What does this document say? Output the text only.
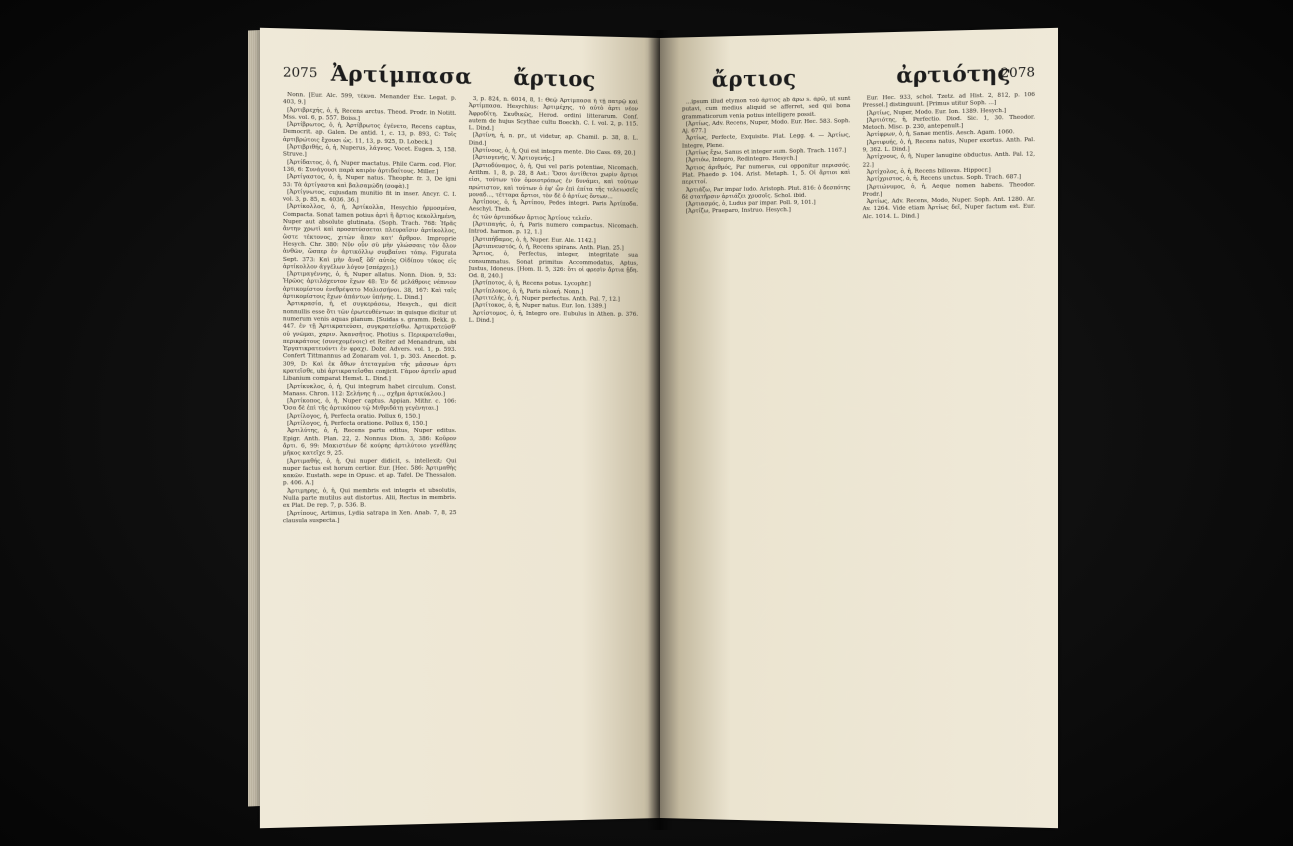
2075 Ἀρτίμπασα ἄρτιος

Nonn. [Eur. Alc. 599, τέκνα. Menander Exc. Legat. p. 403, 9.]

[Ἀρτιβρεχής, ὁ, ἡ, Recens arctus. Theod. Prodr. in Notitt. Mss. vol. 6, p. 557. Boiss.]

[Ἀρτίβρωτος, ὁ, ἡ, Ἀρτίβρωτος ἐγένετο, Recens captus, Democrit. ap. Galen. De antid. 1, c. 13, p. 893, C: Τοῖς ἀρτιβρώτοις ἔχουσι ὡς. 11, 13, p. 925, D. Lobeck.]

[Ἀρτιβριθής, ὁ, ἡ, Nuperus, λάγνος. Vocet. Eugen. 3, 158. Struve.]

[Ἀρτίδαιτος, ὁ, ἡ, Nuper mactatus. Phile Carm. cod. Flor. 136, 6: Συνάγουσι παρὰ καιρὸν ἀρτιδαίτους. Miller.]

[Ἀρτίγαστος, ὁ, ἡ, Nuper natus. Theophr. fr. 3, De igni 53: Τὰ ἀρτίγαστα καὶ βαλσαμώδη (σοφὰ).]

[Ἀρτίγνωτος, cujusdam munitio fit in inser. Ancyr. C. I. vol. 3, p. 85, n. 4036. 36.]

[Ἀρτίκολλος, ὁ, ἡ, Ἀρτίκολλα, Hesychio ἡρμοσμένα, Compacta. Sonat tamen potius ἀρτὶ ἢ ἄρτιος κεκολλημένη, Nuper aut absolute glutinata. (Soph. Trach. 768: Ἠρᾶς ἄντην χρωτὶ καὶ προσπτύσσεται πλευραῖσιν ἀρτίκολλος, ὥστε τέκτονος, χιτὼν ἅπαν κατ' ἄρθρον. Improprie Hesych. Chr. 380: Νῦν οὖν σὺ μὴν γλώσσαις τὸν ὅλον ἀνθῶν, ὥσπερ ἐν ἀρτικόλλῳ συμβαίνει τόπῳ. Figurata Sept. 373: Καὶ μὴν ἄναξ ὅδ' αὐτὸς Οἰδίπου τόκος εἰς ἀρτίκολλον ἀγγέλων λόγον [σπέρχει].)

[Ἀρτιμαγέννης, ὁ, ἡ, Nuper allatus. Nonn. Dion. 9, 53: Ἠρῶος ἀρτιλόχευτον ἔχων 48: Ἐν δὲ μελάθροις νέπνιον ἀρτικομίστου ἐνεθρέψατο Μαλισσήνοι. 38, 167: Καὶ ταῖς ἀρτικομίστοις ἔχων ἀπάντων ὑπήνης. L. Dind.]

Ἀρτικρασία, ἡ, et συγκεράσεω, Hesych., qui dicit nonnullis esse ὅτι τῶν ἐρωτευθέντων: in quisque dicitur ut numerum venis aquas planum. [Suidas s. gramm. Bekk. p. 447. ἐν τῇ Ἀρτικρατεύσει, συγκρατείσθω. Ἀρτικρατεύσθ' οὐ γνῶμαι, χαριν. Ἀκανσῆτος. Photius s. Περικρατεῖσθαι, περικράτους (συνεχομένοις) et Reiter ad Menandrum, ubi Ἐργατικρατευόντι ἐν φραχι. Dobr. Advers. vol. 1, p. 593. Confert Tittmannus ad Zonaram vol. 1, p. 303. Anecdot. p. 309, D: Καὶ ἐκ ἄθων ἀτεταγμένα τῆς μᾶσσων ἀρτι κρατεῖσθε, ubi ἀρτικρατεῖσθαι conjicit. Γὰμον ἀρτεῖν apud Libanium comparat Hemst. L. Dind.]

[Ἀρτίκυκλος, ὁ, ἡ, Qui integrum habet circulum. Const. Manass. Chron. 112: Σελήνης ἡ ..., σχῆμα ἀρτικύκλου.]

[Ἀρτίκοπος, ὁ, ἡ, Nuper captus. Appian. Mithr. c. 106: Ὅσα δὲ ἐπὶ τῆς ἀρτικόπου τῷ Μιθριδάτῃ γεγένηται.]

[Ἀρτίλογος, ἡ, Perfecta oratio. Pollux 6, 150.]

[Ἀρτίλογος, ἡ, Perfecta oratione. Pollux 6, 150.]

Ἀρτιλύτης, ὁ, ἡ, Recens partu editus, Nuper editus. Epigr. Anth. Plan. 22, 2. Nonnus Dion. 3, 386: Κοῦρον ἄρτι. 6, 99: Μακιστέων δὲ κούρης ἀρτιλύτοιο γενέθλης μῆκος κατεῖχε 9, 25.

[Ἀρτιμαθής, ὁ, ἡ, Qui nuper didicit, s. intellexit; Qui nuper factus est horum certior. Eur. [Hec. 586: Ἀρτιμαθὴς κακῶν. Eustath. sepe in Opusc. et ap. Tafel. De Thessalon. p. 406. A.]

Ἀρτιμηρης, ὁ, ἡ, Qui membris est integris et ubsolutis, Nulla parte mutilus aut distortus. Alii, Rectus in membris. ex Plat. De rep. 7, p. 536. B.

[Ἀρτίπους, Artimus, Lydia satrapa in Xen. Anab. 7, 8, 25 clausula suspecta.]

3, p. 824, n. 6014, 8, 1: Θεῷ Ἀρτίμπασα ἡ τῇ πατρῷ καὶ Ἀρτίμπασα. Hesychius: Ἀρτιμέχης, τὸ αὐτὸ ἀρτι νέον Ἀφροδίτη. Σκυθικῶς, Herod. ordini litterarum. Conf. autem de hujus Scythae cultu Boeckh. C. I. vol. 2, p. 115. L. Dind.]

[Ἀρτίνη, ἡ, n. pr., ut videtur, ap. Chamil. p. 38, 8. L. Dind.]

[Ἀρτίνους, ὁ, ἡ, Qui est integra mente. Dio Cass. 69, 20.]

[Ἀρτιογενής, V. Ἀρτιογενής.]

[Ἀρτιοδύναμος, ὁ, ἡ, Qui vel paris potentiae, Nicomach. Arithm. 1, 8, p. 28, 8 Ast.: Ὅσοι ἀντίθετοι χωρὶν ἄρτιοι εἰσι, τούτων τὸν ὁμοιοτρόπως ἐν δυνάμει, καὶ τούτων πρώτιστον, καὶ τούτων ὁ ἐφ' ὧν ἐπὶ ἐπίτα τῆς τελειωσεῖς μοναδ..., τέτταρα ἄρτιοι, τὸν δὲ ὁ ἀρτίως ὄντων...

Ἀρτίπους, ὁ, ἡ, Ἀρτίπου, Pedes integri. Paris Ἀρτίποδα. Aeschyl. Theb.

ἐς τῶν ἀρτιπόδων ἄρτιος Ἀρτίους τελεῖν.

[Ἀρτιπαγής, ὁ, ἡ, Paris numero compactus. Nicomach. Introd. harmon. p. 12, 1.]

[Ἀρτιπήδαμος, ὁ, ἡ, Nuper. Eur. Ale. 1142.]

[Ἀρτιπνευστός, ὁ, ἡ, Recens spirans. Anth. Plan. 25.]

Ἄρτιος, ὁ, Perfectus, integer, integritate sua consummatus. Sonat primitus Accommodatus, Aptus, Justus, Idoneus. [Hom. Il. 5, 326: ὅτι οἱ φρεσὶν ἄρτια ᾔδη. Od. 8, 240.]

[Ἀρτίποτος, ὁ, ἡ, Recens potus. Lycophr.]

[Ἀρτίπλοκος, ὁ, ἡ, Paris πλοκή. Nonn.]

[Ἀρτιτελής, ὁ, ἡ, Nuper perfectus. Anth. Pal. 7, 12.]

[Ἀρτίτοκος, ὁ, ἡ, Nuper natus. Eur. Ion. 1389.]

Ἀρτίστομος, ὁ, ἡ, Integro ore. Eubulus in Athen. p. 376. L. Dind.]

ἄρτιος	ἀρτιότης
2078

...ipsum illud etymon τοῦ ἄρτιος ab ἄρω s. ἀρῶ, ut sunt putavi, cum medius aliquid se afferret, sed qui bona grammaticorum venia potius intelligere possit.

[Ἀρτίως, Adv. Recens, Nuper, Modo. Eur. Hec. 583. Soph. Aj. 677.]

Ἀρτίως, Perfecte, Exquisite. Plat. Legg. 4. — Ἀρτίως, Integre, Plene.

[Ἀρτίως ἔχω, Sanus et integer sum. Soph. Trach. 1167.]

[Ἀρτιόω, Integro, Redintegro. Hesych.]

Ἄρτιος ἀριθμός, Par numerus, cui opponitur περισσός. Plat. Phaedo p. 104. Arist. Metaph. 1, 5. Οἱ ἄρτιοι καὶ περιττοί.

Ἀρτιάζω, Par impar ludo. Aristoph. Plut. 816: ὁ δεσπότης δὲ στατῆρσιν ἀρτιάζει χρυσοῖς. Schol. ibid.

[Ἀρτιασμός, ὁ, Ludus par impar. Poll. 9, 101.]

[Ἀρτίζω, Praeparo, Instruo. Hesych.]

Eur. Hec. 933, schol. Tzetz. ad Hist. 2, 812, p. 106 Pressel.] distinguunt. [Primus utitur Soph. ...]

[Ἀρτίως, Nuper, Modo. Eur. Ion. 1389. Hesych.]

[Ἀρτιότης, ἡ, Perfectio. Diod. Sic. 1, 30. Theodor. Metoch. Misc. p. 230, antepenult.]

Ἀρτίφρων, ὁ, ἡ, Sanae mentis. Aesch. Agam. 1060.

[Ἀρτιφυής, ὁ, ἡ, Recens natus, Nuper exortus. Anth. Pal. 9, 362. L. Dind.]

Ἀρτίχνους, ὁ, ἡ, Nuper lanugine obductus. Anth. Pal. 12, 22.]

Ἀρτίχολος, ὁ, ἡ, Recens biliosus. Hippocr.]

Ἀρτίχριστος, ὁ, ἡ, Recens unctus. Soph. Trach. 687.]

[Ἀρτιώνυμος, ὁ, ἡ, Aeque nomen habens. Theodor. Prodr.]

Ἀρτίως, Adv. Recens, Modo, Nuper. Soph. Ant. 1280. Ar. Av. 1264. Vide etiam Ἀρτίως δεῖ, Nuper factum est. Eur. Alc. 1014. L. Dind.]
